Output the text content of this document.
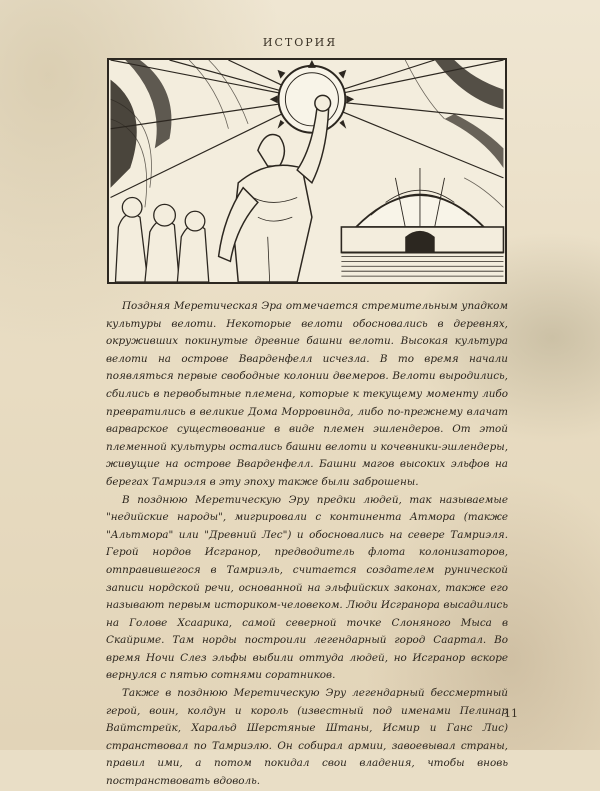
ИСТОРИЯ

Поздняя Меретическая Эра отмечается стремительным упадком культуры велоти. Некоторые велоти обосновались в деревнях, окруживших покинутые древние башни велоти. Высокая культура велоти на острове Вварденфелл исчезла. В то время начали появляться первые свободные колонии двемеров. Велоти выродились, сбились в первобытные племена, которые к текущему моменту либо превратились в великие Дома Морровинда, либо по-прежнему влачат варварское существование в виде племен эшлендеров. От этой племенной культуры остались башни велоти и кочевники-эшлендеры, живущие на острове Вварденфелл. Башни магов высоких эльфов на берегах Тамриэля в эту эпоху также были заброшены.

В позднюю Меретическую Эру предки людей, так называемые "недийские народы", мигрировали с континента Атмора (также "Альтмора" или "Древний Лес") и обосновались на севере Тамриэля. Герой нордов Исгранор, предводитель флота колонизаторов, отправившегося в Тамриэль, считается создателем рунической записи нордской речи, основанной на эльфийских законах, также его называют первым историком-человеком. Люди Исгранора высадились на Голове Хсаарика, самой северной точке Слоняного Мыса в Скайриме. Там норды построили легендарный город Саартал. Во время Ночи Слез эльфы выбили оттуда людей, но Исгранор вскоре вернулся с пятью сотнями соратников.

Также в позднюю Меретическую Эру легендарный бессмертный герой, воин, колдун и король (известный под именами Пелинар Вайтстрейк, Харальд Шерстяные Штаны, Исмир и Ганс Лис) странствовал по Тамриэлю. Он собирал армии, завоевывал страны, правил ими, а потом покидал свои владения, чтобы вновь постранствовать вдоволь.

11
